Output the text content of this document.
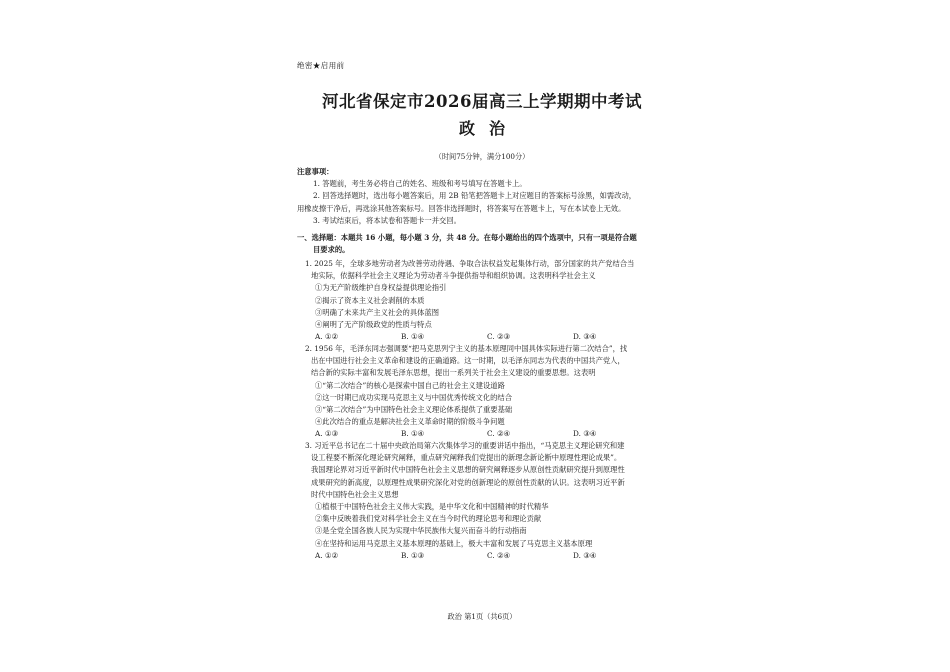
绝密★启用前
河北省保定市2026届高三上学期期中考试
政治
（时间75分钟，满分100分）
注意事项：
1. 答题前，考生务必将自己的姓名、班级和考号填写在答题卡上。
2. 回答选择题时，选出每小题答案后，用 2B 铅笔把答题卡上对应题目的答案标号涂黑，如需改动，
用橡皮擦干净后，再选涂其他答案标号。回答非选择题时，将答案写在答题卡上，写在本试卷上无效。
3. 考试结束后，将本试卷和答题卡一并交回。
一、选择题：本题共 16 小题，每小题 3 分，共 48 分。在每小题给出的四个选项中，只有一项是符合题
目要求的。
1. 2025 年，全球多地劳动者为改善劳动待遇、争取合法权益发起集体行动，部分国家的共产党结合当
地实际，依据科学社会主义理论为劳动者斗争提供指导和组织协调。这表明科学社会主义
①为无产阶级维护自身权益提供理论指引
②揭示了资本主义社会剥削的本质
③明确了未来共产主义社会的具体蓝图
④阐明了无产阶级政党的性质与特点
A. ①②	B. ①④	C. ②③	D. ③④
2. 1956 年，毛泽东同志强调要“把马克思列宁主义的基本原理同中国具体实际进行第二次结合”，找
出在中国进行社会主义革命和建设的正确道路。这一时期，以毛泽东同志为代表的中国共产党人，
结合新的实际丰富和发展毛泽东思想，提出一系列关于社会主义建设的重要思想。这表明
①“第二次结合”的核心是探索中国自己的社会主义建设道路
②这一时期已成功实现马克思主义与中国优秀传统文化的结合
③“第二次结合”为中国特色社会主义理论体系提供了重要基础
④此次结合的重点是解决社会主义革命时期的阶级斗争问题
A. ①③	B. ①④	C. ②④	D. ③④
3. 习近平总书记在二十届中央政治局第六次集体学习的重要讲话中指出，“马克思主义理论研究和建
设工程要不断深化理论研究阐释，重点研究阐释我们党提出的新理念新论断中原理性理论成果”。
我国理论界对习近平新时代中国特色社会主义思想的研究阐释逐步从原创性贡献研究提升到原理性
成果研究的新高度，以原理性成果研究深化对党的创新理论的原创性贡献的认识。这表明习近平新
时代中国特色社会主义思想
①植根于中国特色社会主义伟大实践，是中华文化和中国精神的时代精华
②集中反映着我们党对科学社会主义在当今时代的理论思考和理论贡献
③是全党全国各族人民为实现中华民族伟大复兴而奋斗的行动指南
④在坚持和运用马克思主义基本原理的基础上，极大丰富和发展了马克思主义基本原理
A. ①②	B. ①③	C. ②④	D. ③④
政治 第1页（共6页）
